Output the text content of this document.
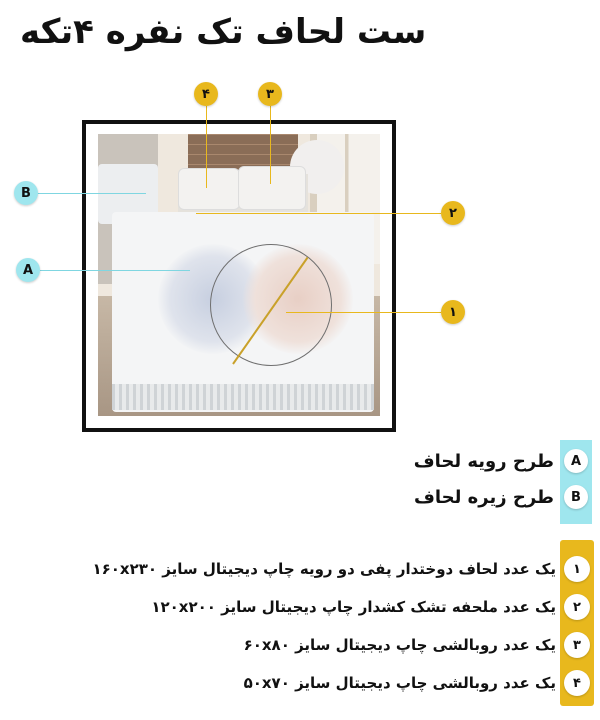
ست لحاف تک نفره ۴تکه
۴	۳
۲
۱
B
A
A
طرح رویه لحاف
B
طرح زیره لحاف
۱
یک عدد لحاف دوختدار پفی دو رویه چاپ دیجیتال سایز ۱۶۰x۲۳۰
۲
یک عدد ملحفه تشک کشدار چاپ دیجیتال سایز ۱۲۰x۲۰۰
۳
یک عدد روبالشی چاپ دیجیتال سایز ۶۰x۸۰
۴
یک عدد روبالشی چاپ دیجیتال سایز ۵۰x۷۰
